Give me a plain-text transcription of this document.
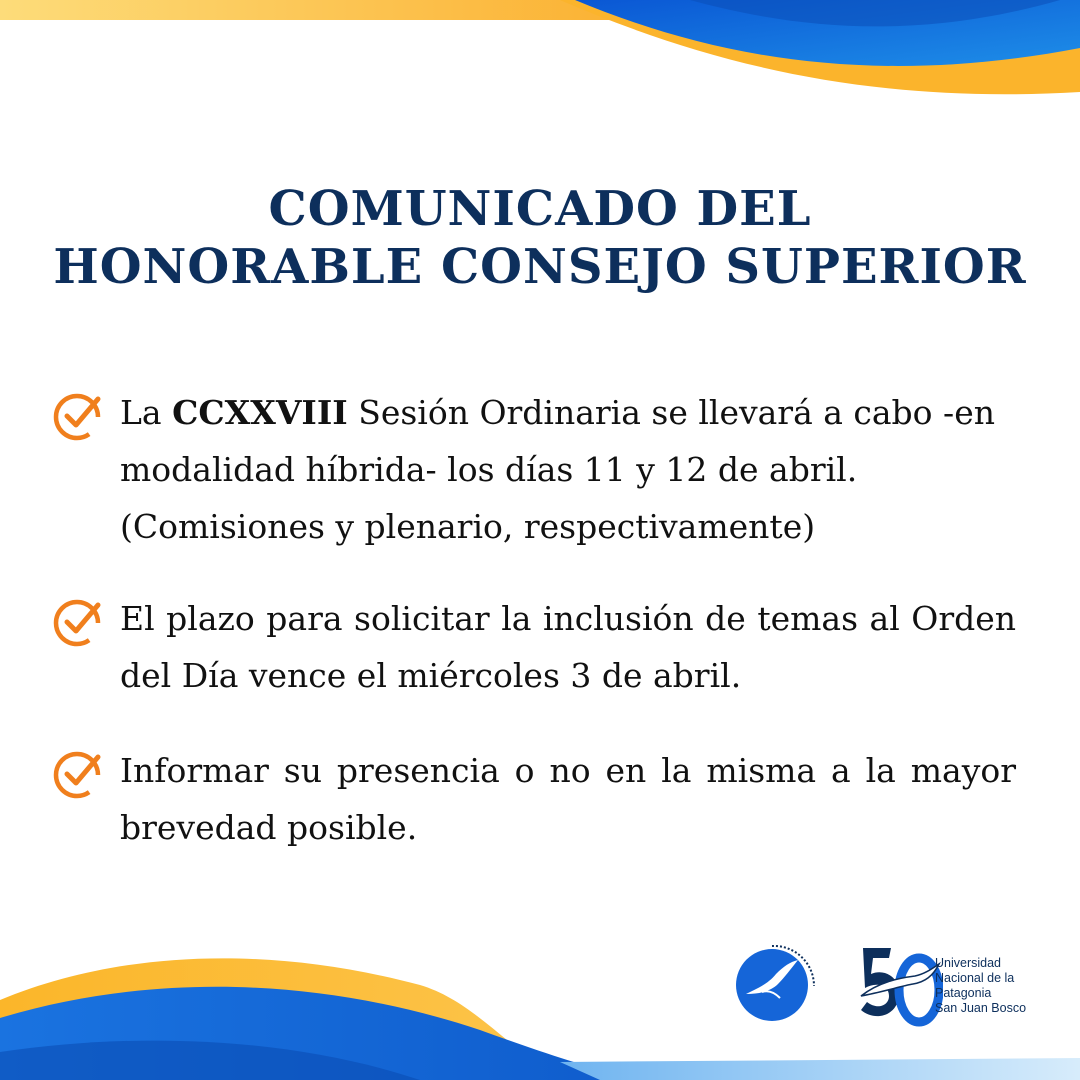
COMUNICADO DEL
HONORABLE CONSEJO SUPERIOR

La CCXXVIII Sesión Ordinaria se llevará a cabo -en modalidad híbrida- los días 11 y 12 de abril. (Comisiones y plenario, respectivamente)

El plazo para solicitar la inclusión de temas al Orden del Día vence el miércoles 3 de abril.

Informar su presencia o no en la misma a la mayor brevedad posible.

Universidad
Nacional de la
Patagonia
San Juan Bosco
